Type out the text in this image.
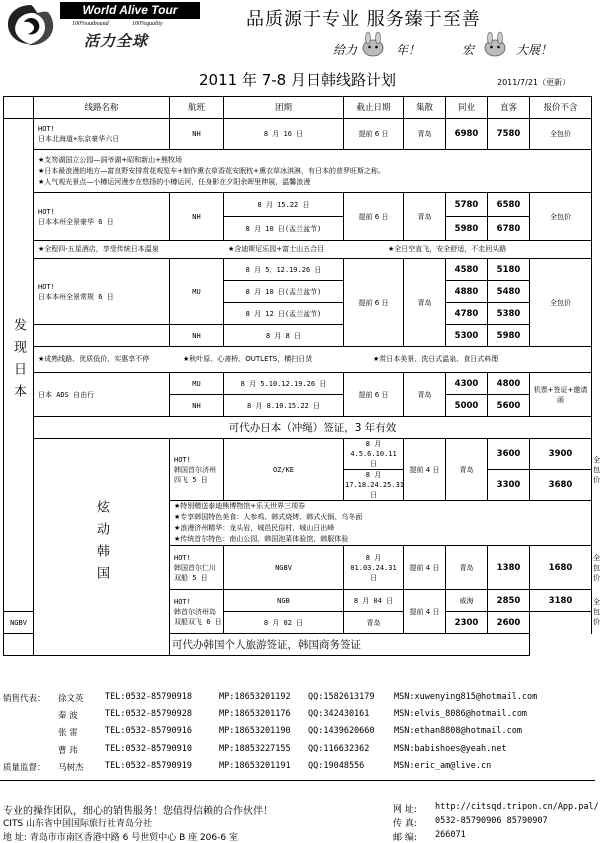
World Alive Tour
100%outbound	100%quality
活力全球
品质源于专业 服务臻于至善
给力	年！	宏	大展！
2011 年 7-8 月日韩线路计划	2011/7/21（更新）
	线路名称	航班	团期	截止日期	集散	同业	直客	报价不含	
发现日本	HOT!
日本北海道+东京豪华六日	NH	8 月 16 日	提前 6 日	青岛	6980	7580	全包价	

	★支笏湖国立公园—洞爷湖+昭和新山+熊牧场
★日本最浪漫的地方—富良野安排赏花观览车+制作熏衣草香花安眠枕+熏衣草冰淇淋，有日本的普罗旺斯之称。
★人气观光景点—小樽运河漫步在悠扬的小樽运河，任身影在夕阳余晖里伸展，温馨浪漫								

	HOT!
日本本州全景豪华 6 日	NH	8 月 15.22 日	提前 6 日	青岛	5780	6580	全包价	
			8 月 10 日(盂兰盆节)			5980	6780		
	★全程四-五星酒店，享受传统日本温泉 ★含迪斯尼乐园+富士山五合目 ★全日空直飞，安全舒适，不走回头路								
	HOT!
日本本州全景常规 6 日	MU	8 月 5．12.19.26 日	提前 6 日	青岛	4580	5180	全包价	
			8 月 10 日(盂兰盆节)			4880	5480		
			8 月 12 日(盂兰盆节)			4780	5380		
		NH	8 月 8 日			5300	5980		
	★成熟线路、优质低价，实惠享不停 ★秋叶原、心斋桥、OUTLETS，横扫日货 ★赏日本美景、洗日式温泉、食日式料理								
	日本 ADS 自由行	MU	8 月 5.10.12.19.26 日	提前 6 日	青岛	4300	4800	机票+签证+邀请函	
		NH	8 月 8.10.15.22 日			5000	5600		
	可代办日本（冲绳）签证，3 年有效								
	炫动韩国	HOT!
韩国首尔济州四飞 5 日	OZ/KE	8 月 4.5.6.10.11 日	提前 4 日	青岛	3600	3900	全包价
				8 月 17.18.24.25.31 日			3300	3680	

		★特别赠送泰迪熊博物馆+乐天世界三项券★专享韩国特色美食：人参鸡、韩式烧烤、韩式火锅、乌冬面
★浪漫济州精华：龙头岩，城邑民俗村，城山日出峰★传统首尔特色：南山公园，韩国泡菜体验馆，韩服体验							

		HOT!
韩国首尔仁川双船 5 日	NGBV	8 月 01.03.24.31 日	提前 4 日	青岛	1380	1680	全包价
		HOT!
韩首尔济州岛双船双飞 6 日	NGB	8 月 04 日	提前 4 日	威海	2850	3180	全包价
NGBV			8 月 02 日	青岛		2300	2600		
可代办韩国个人旅游签证，韩国商务签证									
销售代表： 徐文英	TEL:0532-85790918	MP:18653201192 QQ:1582613179 MSN:xuwenying815@hotmail.com
秦 波	TEL:0532-85790928	MP:18653201176 QQ:342430161	MSN:elvis_8086@hotmail.com
张 雷	TEL:0532-85790916	MP:18653201190 QQ:1439620660 MSN:ethan8808@hotmail.com
曹 玮	TEL:0532-85790910	MP:18853227155 QQ:116632362	MSN:babishoes@yeah.net
质量监督： 马树杰	TEL:0532-85790919	MP:18653201191 QQ:19048556	MSN:eric_am@live.cn
专业的操作团队，细心的销售服务！您值得信赖的合作伙伴！
CITS 山东省中国国际旅行社青岛分社
地 址: 青岛市市南区香港中路 6 号世贸中心 B 座 206-6 室
网 址: http://citsqd.tripon.cn/App.pal/
传 真: 0532-85790906 85790907
邮 编: 266071
